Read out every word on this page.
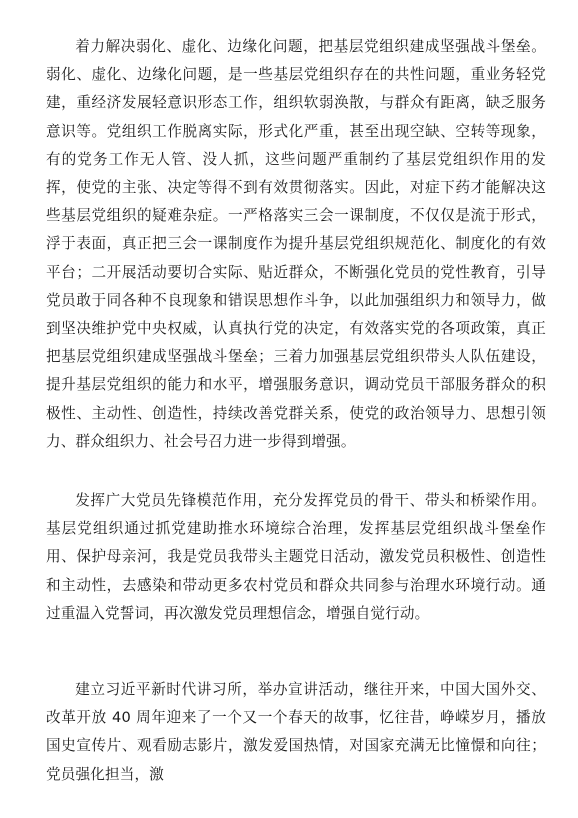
着力解决弱化、虚化、边缘化问题，把基层党组织建成坚强战斗堡垒。弱化、虚化、边缘化问题，是一些基层党组织存在的共性问题，重业务轻党建，重经济发展轻意识形态工作，组织软弱涣散，与群众有距离，缺乏服务意识等。党组织工作脱离实际，形式化严重，甚至出现空缺、空转等现象，有的党务工作无人管、没人抓，这些问题严重制约了基层党组织作用的发挥，使党的主张、决定等得不到有效贯彻落实。因此，对症下药才能解决这些基层党组织的疑难杂症。一严格落实三会一课制度，不仅仅是流于形式，浮于表面，真正把三会一课制度作为提升基层党组织规范化、制度化的有效平台；二开展活动要切合实际、贴近群众，不断强化党员的党性教育，引导党员敢于同各种不良现象和错误思想作斗争，以此加强组织力和领导力，做到坚决维护党中央权威，认真执行党的决定，有效落实党的各项政策，真正把基层党组织建成坚强战斗堡垒；三着力加强基层党组织带头人队伍建设，提升基层党组织的能力和水平，增强服务意识，调动党员干部服务群众的积极性、主动性、创造性，持续改善党群关系，使党的政治领导力、思想引领力、群众组织力、社会号召力进一步得到增强。

发挥广大党员先锋模范作用，充分发挥党员的骨干、带头和桥梁作用。基层党组织通过抓党建助推水环境综合治理，发挥基层党组织战斗堡垒作用、保护母亲河，我是党员我带头主题党日活动，激发党员积极性、创造性和主动性，去感染和带动更多农村党员和群众共同参与治理水环境行动。通过重温入党誓词，再次激发党员理想信念，增强自觉行动。

建立习近平新时代讲习所，举办宣讲活动，继往开来，中国大国外交、改革开放 40 周年迎来了一个又一个春天的故事，忆往昔，峥嵘岁月，播放国史宣传片、观看励志影片，激发爱国热情，对国家充满无比憧憬和向往；党员强化担当，激
